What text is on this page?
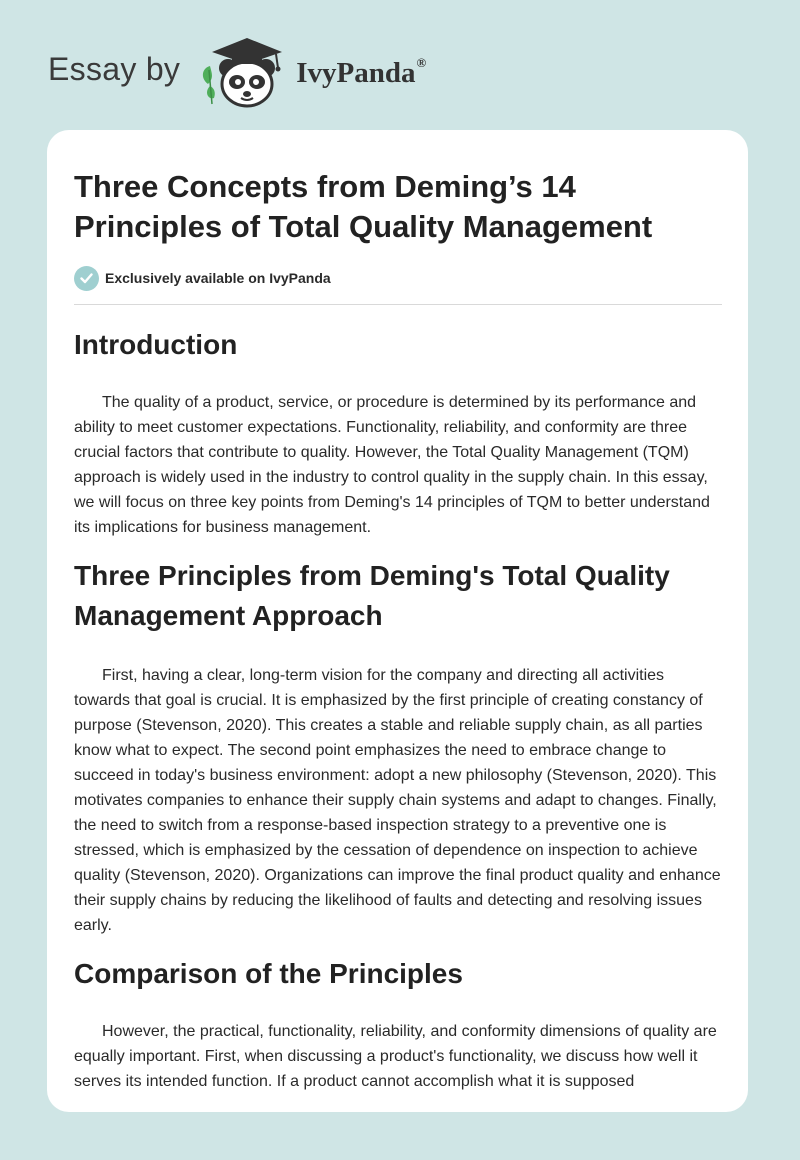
Essay by	IvyPanda®
Three Concepts from Deming’s 14 Principles of Total Quality Management
Exclusively available on IvyPanda
Introduction

The quality of a product, service, or procedure is determined by its performance and ability to meet customer expectations. Functionality, reliability, and conformity are three crucial factors that contribute to quality. However, the Total Quality Management (TQM) approach is widely used in the industry to control quality in the supply chain. In this essay, we will focus on three key points from Deming's 14 principles of TQM to better understand its implications for business management.

Three Principles from Deming's Total Quality Management Approach

First, having a clear, long-term vision for the company and directing all activities towards that goal is crucial. It is emphasized by the first principle of creating constancy of purpose (Stevenson, 2020). This creates a stable and reliable supply chain, as all parties know what to expect. The second point emphasizes the need to embrace change to succeed in today's business environment: adopt a new philosophy (Stevenson, 2020). This motivates companies to enhance their supply chain systems and adapt to changes. Finally, the need to switch from a response-based inspection strategy to a preventive one is stressed, which is emphasized by the cessation of dependence on inspection to achieve quality (Stevenson, 2020). Organizations can improve the final product quality and enhance their supply chains by reducing the likelihood of faults and detecting and resolving issues early.

Comparison of the Principles

However, the practical, functionality, reliability, and conformity dimensions of quality are equally important. First, when discussing a product's functionality, we discuss how well it serves its intended function. If a product cannot accomplish what it is supposed
